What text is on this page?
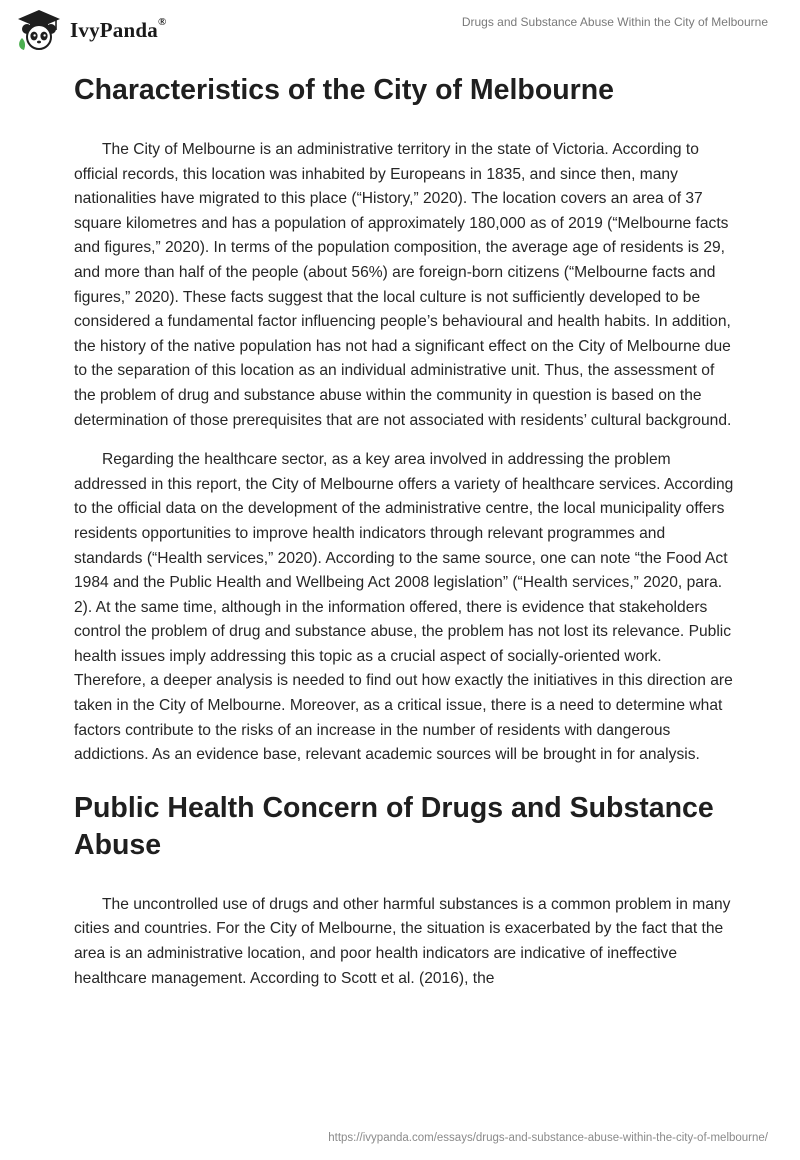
IvyPanda®	Drugs and Substance Abuse Within the City of Melbourne
Characteristics of the City of Melbourne

The City of Melbourne is an administrative territory in the state of Victoria. According to official records, this location was inhabited by Europeans in 1835, and since then, many nationalities have migrated to this place (“History,” 2020). The location covers an area of 37 square kilometres and has a population of approximately 180,000 as of 2019 (“Melbourne facts and figures,” 2020). In terms of the population composition, the average age of residents is 29, and more than half of the people (about 56%) are foreign-born citizens (“Melbourne facts and figures,” 2020). These facts suggest that the local culture is not sufficiently developed to be considered a fundamental factor influencing people’s behavioural and health habits. In addition, the history of the native population has not had a significant effect on the City of Melbourne due to the separation of this location as an individual administrative unit. Thus, the assessment of the problem of drug and substance abuse within the community in question is based on the determination of those prerequisites that are not associated with residents’ cultural background.

Regarding the healthcare sector, as a key area involved in addressing the problem addressed in this report, the City of Melbourne offers a variety of healthcare services. According to the official data on the development of the administrative centre, the local municipality offers residents opportunities to improve health indicators through relevant programmes and standards (“Health services,” 2020). According to the same source, one can note “the Food Act 1984 and the Public Health and Wellbeing Act 2008 legislation” (“Health services,” 2020, para. 2). At the same time, although in the information offered, there is evidence that stakeholders control the problem of drug and substance abuse, the problem has not lost its relevance. Public health issues imply addressing this topic as a crucial aspect of socially-oriented work. Therefore, a deeper analysis is needed to find out how exactly the initiatives in this direction are taken in the City of Melbourne. Moreover, as a critical issue, there is a need to determine what factors contribute to the risks of an increase in the number of residents with dangerous addictions. As an evidence base, relevant academic sources will be brought in for analysis.

Public Health Concern of Drugs and Substance Abuse

The uncontrolled use of drugs and other harmful substances is a common problem in many cities and countries. For the City of Melbourne, the situation is exacerbated by the fact that the area is an administrative location, and poor health indicators are indicative of ineffective healthcare management. According to Scott et al. (2016), the

https://ivypanda.com/essays/drugs-and-substance-abuse-within-the-city-of-melbourne/
